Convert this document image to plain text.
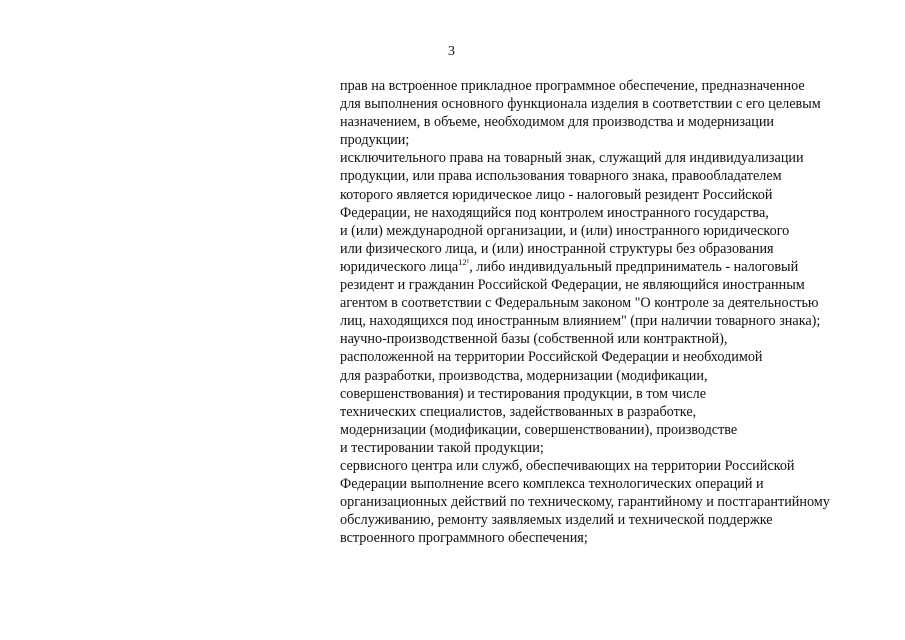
3
прав на встроенное прикладное программное обеспечение, предназначенное
для выполнения основного функционала изделия в соответствии с его целевым
назначением, в объеме, необходимом для производства и модернизации
продукции;
исключительного права на товарный знак, служащий для индивидуализации
продукции, или права использования товарного знака, правообладателем
которого является юридическое лицо - налоговый резидент Российской
Федерации, не находящийся под контролем иностранного государства,
и (или) международной организации, и (или) иностранного юридического
или физического лица, и (или) иностранной структуры без образования
юридического лица$^{12^1}$, либо индивидуальный предприниматель - налоговый
резидент и гражданин Российской Федерации, не являющийся иностранным
агентом в соответствии с Федеральным законом "О контроле за деятельностью
лиц, находящихся под иностранным влиянием" (при наличии товарного знака);
научно-производственной базы (собственной или контрактной),
расположенной на территории Российской Федерации и необходимой
для разработки, производства, модернизации (модификации,
совершенствования) и тестирования продукции, в том числе
технических специалистов, задействованных в разработке,
модернизации (модификации, совершенствовании), производстве
и тестировании такой продукции;
сервисного центра или служб, обеспечивающих на территории Российской
Федерации выполнение всего комплекса технологических операций и
организационных действий по техническому, гарантийному и постгарантийному
обслуживанию, ремонту заявляемых изделий и технической поддержке
встроенного программного обеспечения;
